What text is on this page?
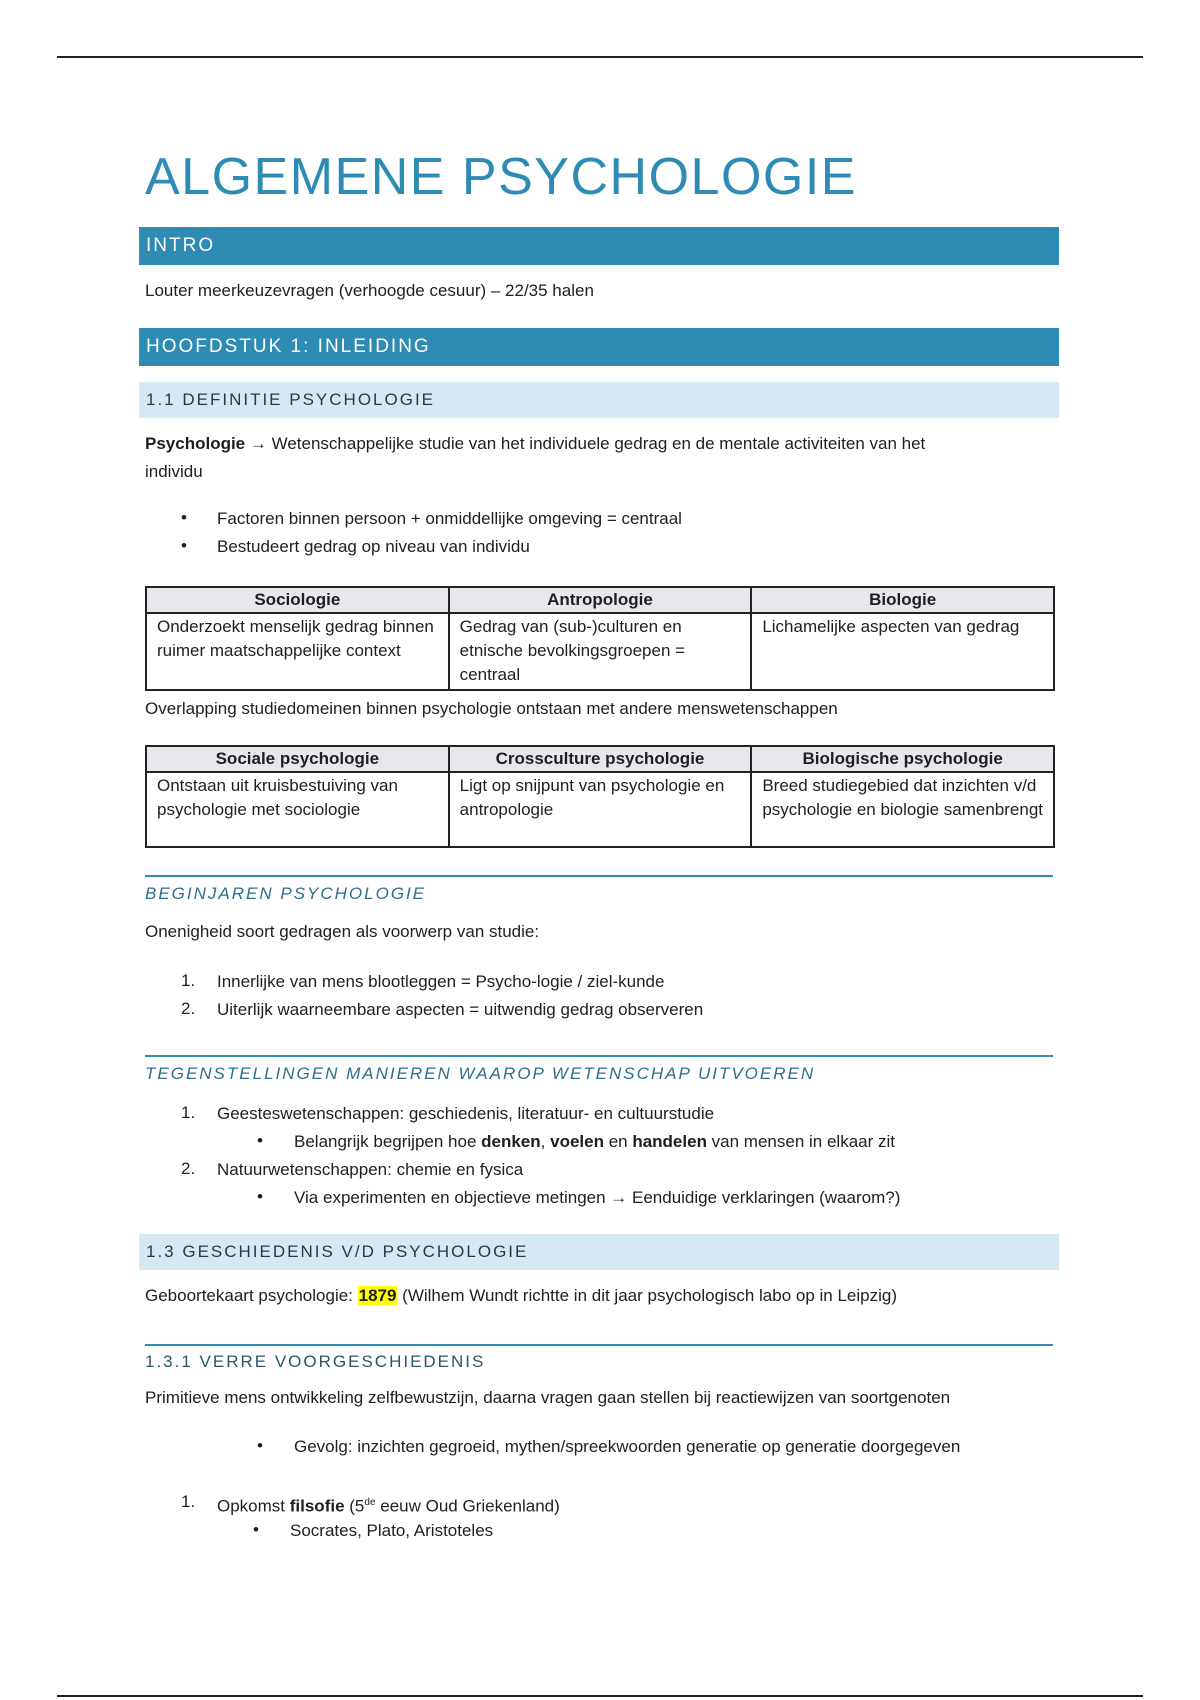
ALGEMENE PSYCHOLOGIE
INTRO
Louter meerkeuzevragen (verhoogde cesuur) – 22/35 halen
HOOFDSTUK 1: INLEIDING
1.1 DEFINITIE PSYCHOLOGIE
Psychologie → Wetenschappelijke studie van het individuele gedrag en de mentale activiteiten van het
individu
• Factoren binnen persoon + onmiddellijke omgeving = centraal
• Bestudeert gedrag op niveau van individu
Sociologie	Antropologie	Biologie
Onderzoekt menselijk gedrag binnen ruimer maatschappelijke context	Gedrag van (sub-)culturen en etnische bevolkingsgroepen = centraal	Lichamelijke aspecten van gedrag
Overlapping studiedomeinen binnen psychologie ontstaan met andere menswetenschappen
Sociale psychologie	Crossculture psychologie	Biologische psychologie
Ontstaan uit kruisbestuiving van psychologie met sociologie	Ligt op snijpunt van psychologie en antropologie	Breed studiegebied dat inzichten v/d psychologie en biologie samenbrengt
BEGINJAREN PSYCHOLOGIE
Onenigheid soort gedragen als voorwerp van studie:
1. Innerlijke van mens blootleggen = Psycho-logie / ziel-kunde
2. Uiterlijk waarneembare aspecten = uitwendig gedrag observeren
TEGENSTELLINGEN MANIEREN WAAROP WETENSCHAP UITVOEREN
1. Geesteswetenschappen: geschiedenis, literatuur- en cultuurstudie
• Belangrijk begrijpen hoe denken, voelen en handelen van mensen in elkaar zit
2. Natuurwetenschappen: chemie en fysica
• Via experimenten en objectieve metingen → Eenduidige verklaringen (waarom?)
1.3 GESCHIEDENIS V/D PSYCHOLOGIE
Geboortekaart psychologie: 1879 (Wilhem Wundt richtte in dit jaar psychologisch labo op in Leipzig)
1.3.1 VERRE VOORGESCHIEDENIS
Primitieve mens ontwikkeling zelfbewustzijn, daarna vragen gaan stellen bij reactiewijzen van soortgenoten
• Gevolg: inzichten gegroeid, mythen/spreekwoorden generatie op generatie doorgegeven
1. Opkomst filsofie (5de eeuw Oud Griekenland)
• Socrates, Plato, Aristoteles
